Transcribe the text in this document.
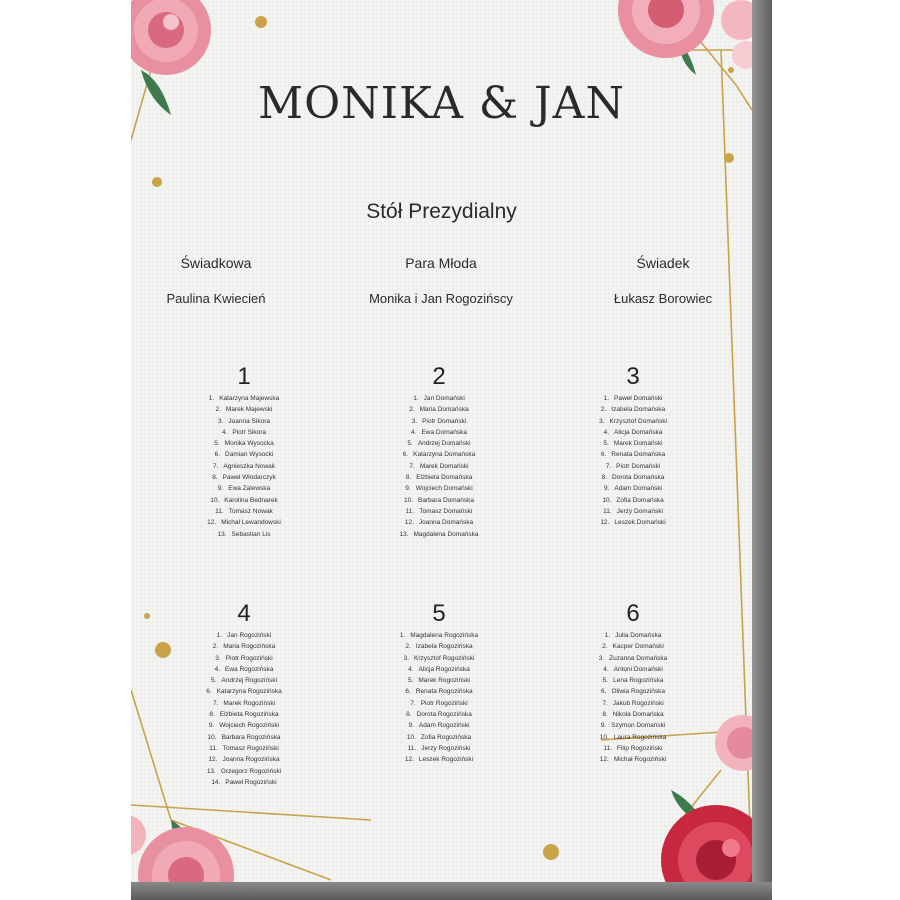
MONIKA & JAN
Stół Prezydialny
Świadkowa	Para Młoda	Świadek
Paulina Kwiecień	Monika i Jan Rogozińscy	Łukasz Borowiec
1
1. Katarzyna Majewska
2. Marek Majewski
3. Joanna Sikora
4. Piotr Sikora
5. Monika Wysocka
6. Damian Wysocki
7. Agnieszka Nowak
8. Paweł Włodarczyk
9. Ewa Zalewska
10. Karolina Bednarek
11. Tomasz Nowak
12. Michał Lewandowski
13. Sebastian Lis
2
1. Jan Domański
2. Maria Domańska
3. Piotr Domański
4. Ewa Domańska
5. Andrzej Domański
6. Katarzyna Domańska
7. Marek Domański
8. Elżbieta Domańska
9. Wojciech Domański
10. Barbara Domańska
11. Tomasz Domański
12. Joanna Domańska
13. Magdalena Domańska
3
1. Paweł Domański
2. Izabela Domańska
3. Krzysztof Domański
4. Alicja Domańska
5. Marek Domański
6. Renata Domańska
7. Piotr Domański
8. Dorota Domańska
9. Adam Domański
10. Zofia Domańska
11. Jerzy Domański
12. Leszek Domański
4
1. Jan Rogoziński
2. Maria Rogozińska
3. Piotr Rogoziński
4. Ewa Rogozińska
5. Andrzej Rogoziński
6. Katarzyna Rogozińska
7. Marek Rogoziński
8. Elżbieta Rogozińska
9. Wojciech Rogoziński
10. Barbara Rogozińska
11. Tomasz Rogoziński
12. Joanna Rogozińska
13. Grzegorz Rogoziński
14. Paweł Rogoziński
5
1. Magdalena Rogozińska
2. Izabela Rogozińska
3. Krzysztof Rogoziński
4. Alicja Rogozińska
5. Marek Rogoziński
6. Renata Rogozińska
7. Piotr Rogoziński
8. Dorota Rogozińska
9. Adam Rogoziński
10. Zofia Rogozińska
11. Jerzy Rogoziński
12. Leszek Rogoziński
6
1. Julia Domańska
2. Kacper Domański
3. Zuzanna Domańska
4. Antoni Domański
5. Lena Rogozińska
6. Oliwia Rogozińska
7. Jakub Rogoziński
8. Nikola Domańska
9. Szymon Domański
10. Laura Rogozińska
11. Filip Rogoziński
12. Michał Rogoziński
